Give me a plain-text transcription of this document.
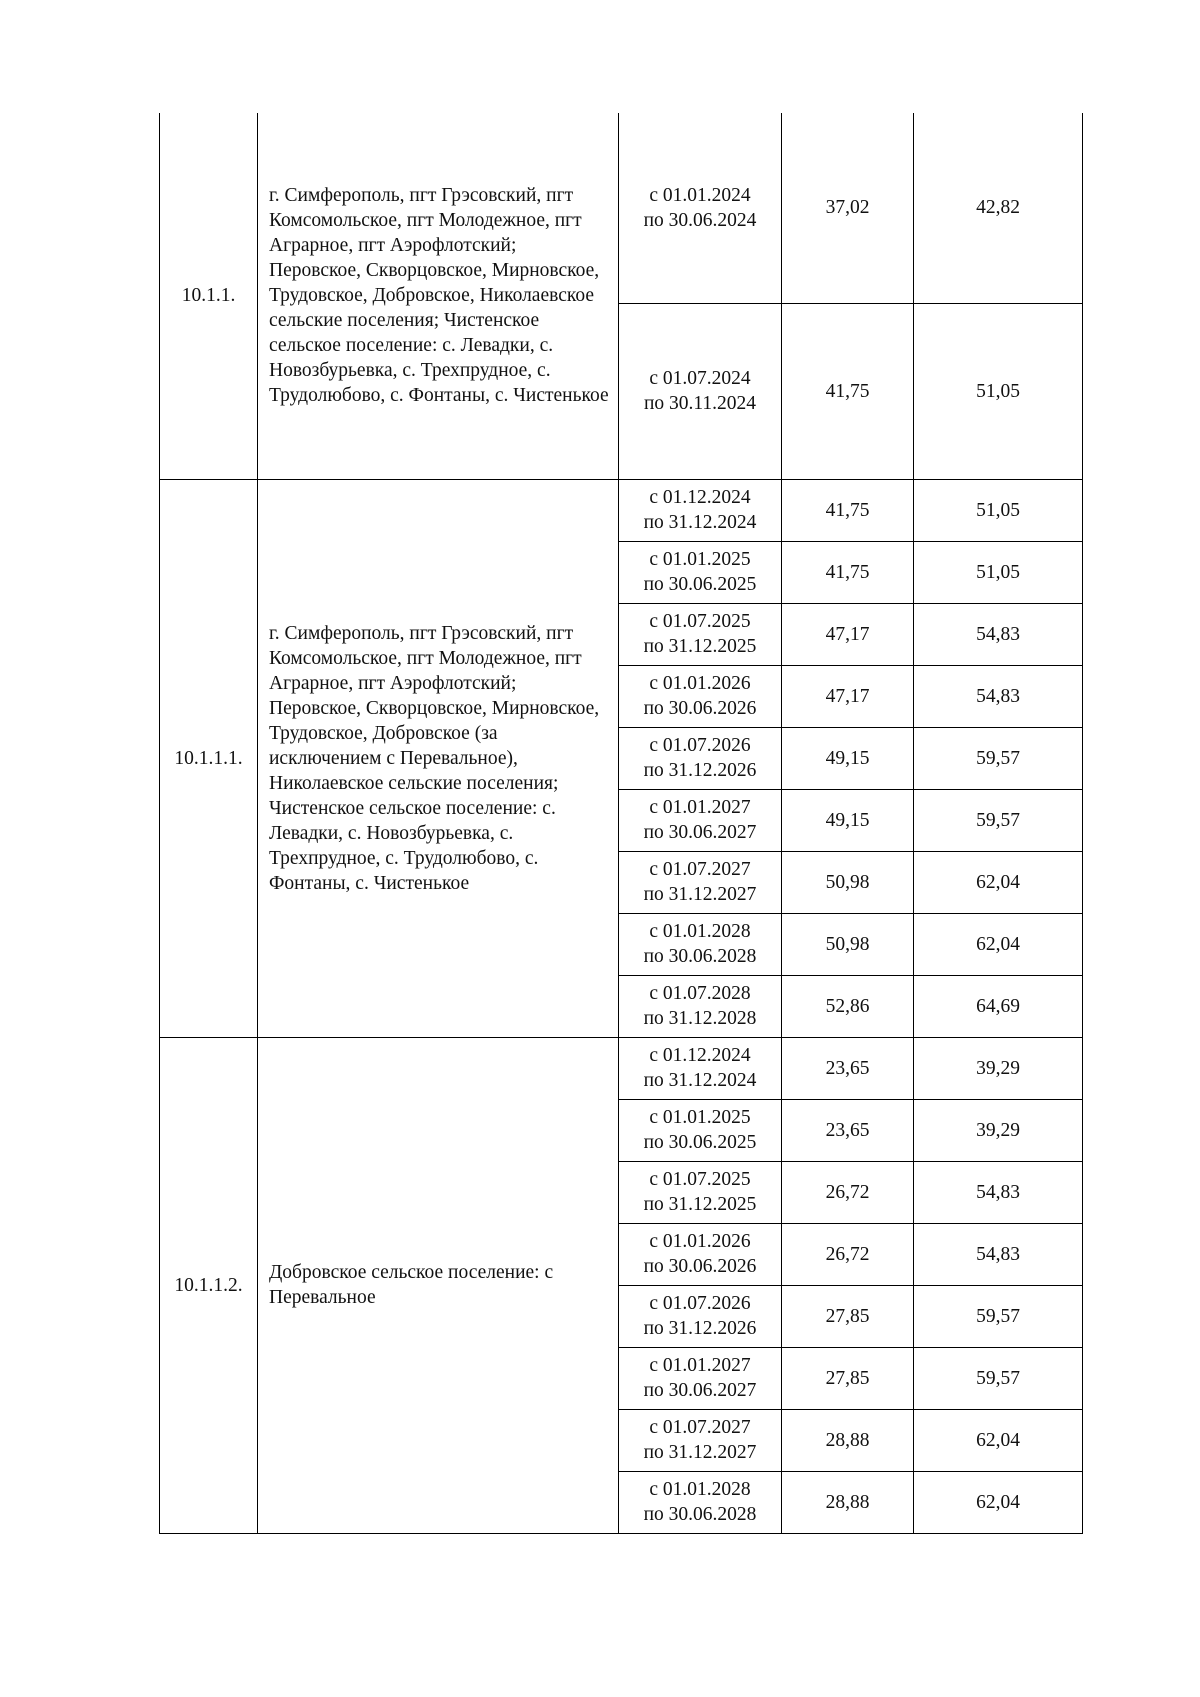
10.1.1.	г. Симферополь, пгт Грэсовский, пгт Комсомольское, пгт Молодежное, пгт Аграрное, пгт Аэрофлотский; Перовское, Скворцовское, Мирновское, Трудовское, Добровское, Николаевское сельские поселения; Чистенское сельское поселение: с. Левадки, с. Новозбурьевка, с. Трехпрудное, с. Трудолюбово, с. Фонтаны, с. Чистенькое	с 01.01.2024
по 30.06.2024	37,02	42,82

		с 01.07.2024
по 30.11.2024	41,75	51,05
10.1.1.1.	г. Симферополь, пгт Грэсовский, пгт Комсомольское, пгт Молодежное, пгт Аграрное, пгт Аэрофлотский; Перовское, Скворцовское, Мирновское, Трудовское, Добровское (за исключением с Перевальное), Николаевское сельские поселения; Чистенское сельское поселение: с. Левадки, с. Новозбурьевка, с. Трехпрудное, с. Трудолюбово, с. Фонтаны, с. Чистенькое	с 01.12.2024
по 31.12.2024	41,75	51,05

		с 01.01.2025
по 30.06.2025	41,75	51,05

		с 01.07.2025
по 31.12.2025	47,17	54,83

		с 01.01.2026
по 30.06.2026	47,17	54,83

		с 01.07.2026
по 31.12.2026	49,15	59,57

		с 01.01.2027
по 30.06.2027	49,15	59,57

		с 01.07.2027
по 31.12.2027	50,98	62,04

		с 01.01.2028
по 30.06.2028	50,98	62,04

		с 01.07.2028
по 31.12.2028	52,86	64,69
10.1.1.2.	Добровское сельское поселение: с Перевальное	с 01.12.2024
по 31.12.2024	23,65	39,29

		с 01.01.2025
по 30.06.2025	23,65	39,29

		с 01.07.2025
по 31.12.2025	26,72	54,83

		с 01.01.2026
по 30.06.2026	26,72	54,83

		с 01.07.2026
по 31.12.2026	27,85	59,57

		с 01.01.2027
по 30.06.2027	27,85	59,57

		с 01.07.2027
по 31.12.2027	28,88	62,04

		с 01.01.2028
по 30.06.2028	28,88	62,04
